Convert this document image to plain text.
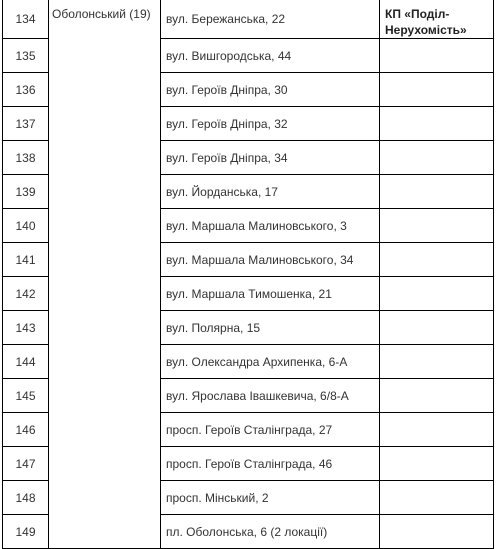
134	Оболонський (19)	вул. Бережанська, 22	КП «Поділ-Нерухомість»
135		вул. Вишгородська, 44	
136		вул. Героїв Дніпра, 30	
137		вул. Героїв Дніпра, 32	
138		вул. Героїв Дніпра, 34	
139		вул. Йорданська, 17	
140		вул. Маршала Малиновського, 3	
141		вул. Маршала Малиновського, 34	
142		вул. Маршала Тимошенка, 21	
143		вул. Полярна, 15	
144		вул. Олександра Архипенка, 6-А	
145		вул. Ярослава Івашкевича, 6/8-А	
146		просп. Героїв Сталінграда, 27	
147		просп. Героїв Сталінграда, 46	
148		просп. Мінський, 2	
149		пл. Оболонська, 6 (2 локації)	
